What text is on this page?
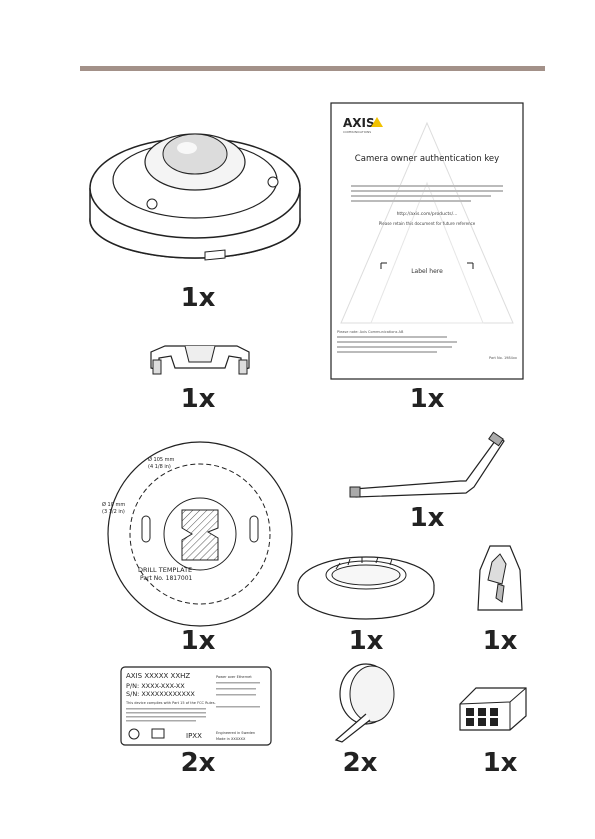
1x
AXIS
COMMUNICATIONS
Camera owner authentication key
http://axis.com/products/...
Please retain this document for future reference
Label here
Please note: Axis Communications AB
Part No. 1984xx
1x
1x
Ø 105 mm
(4 1/8 in)
Ø 10 mm
(3 1/2 in)
DRILL TEMPLATE
Part No. 1817001
1x
1x
1x	1x
AXIS XXXXX XXHZ
P/N: XXXX-XXX-XX
S/N: XXXXXXXXXXXX
This device complies with Part 15 of the FCC Rules.
Power over Ethernet
IPXX	Engineered in Sweden
Made in XXXXXX
2x	2x	1x
